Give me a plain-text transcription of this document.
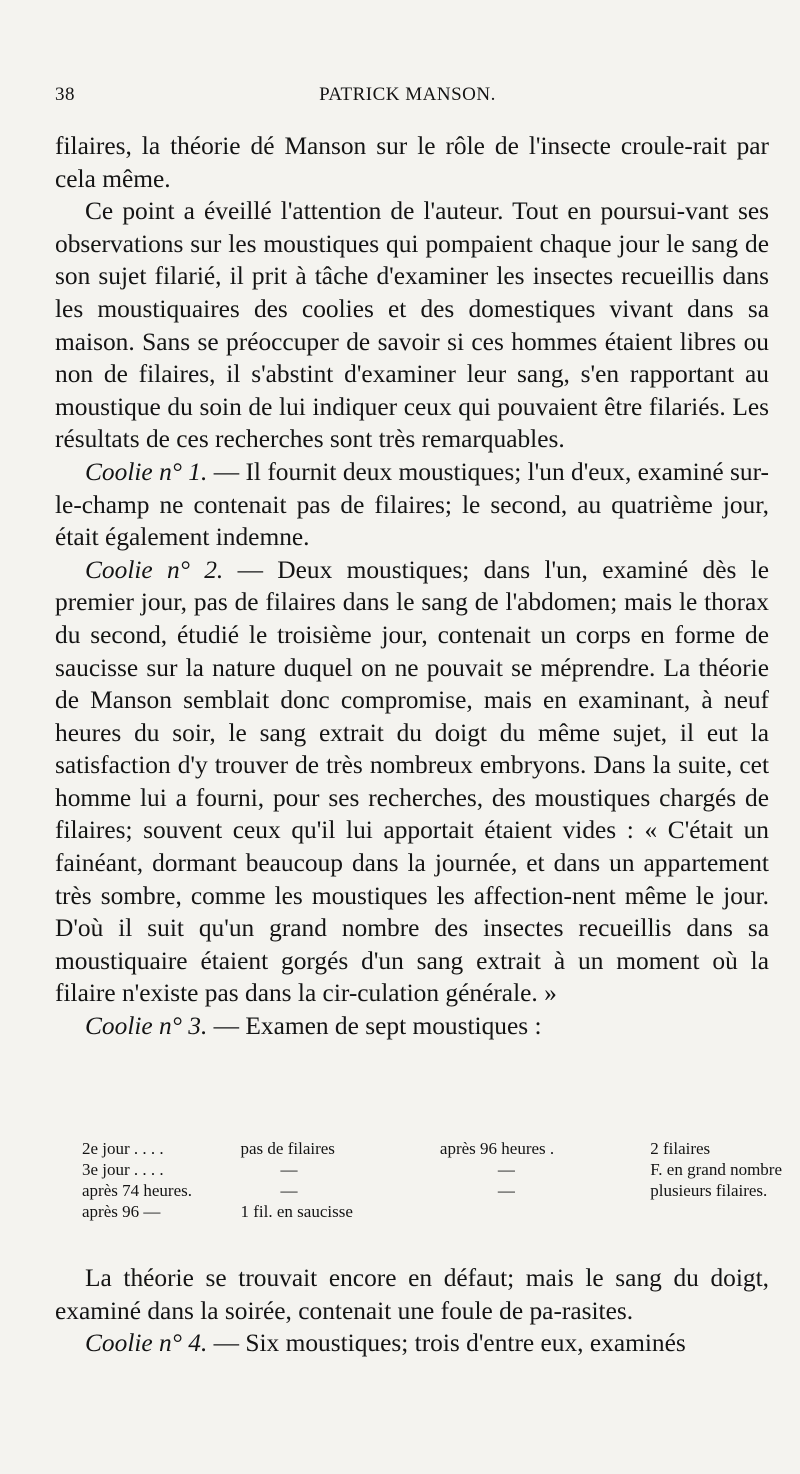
38	PATRICK MANSON.

filaires, la théorie dé Manson sur le rôle de l'insecte croule-rait par cela même.

Ce point a éveillé l'attention de l'auteur. Tout en poursui-vant ses observations sur les moustiques qui pompaient chaque jour le sang de son sujet filarié, il prit à tâche d'examiner les insectes recueillis dans les moustiquaires des coolies et des domestiques vivant dans sa maison. Sans se préoccuper de savoir si ces hommes étaient libres ou non de filaires, il s'abstint d'examiner leur sang, s'en rapportant au moustique du soin de lui indiquer ceux qui pouvaient être filariés. Les résultats de ces recherches sont très remarquables.

Coolie n° 1. — Il fournit deux moustiques; l'un d'eux, examiné sur-le-champ ne contenait pas de filaires; le second, au quatrième jour, était également indemne.

Coolie n° 2. — Deux moustiques; dans l'un, examiné dès le premier jour, pas de filaires dans le sang de l'abdomen; mais le thorax du second, étudié le troisième jour, contenait un corps en forme de saucisse sur la nature duquel on ne pouvait se méprendre. La théorie de Manson semblait donc compromise, mais en examinant, à neuf heures du soir, le sang extrait du doigt du même sujet, il eut la satisfaction d'y trouver de très nombreux embryons. Dans la suite, cet homme lui a fourni, pour ses recherches, des moustiques chargés de filaires; souvent ceux qu'il lui apportait étaient vides : « C'était un fainéant, dormant beaucoup dans la journée, et dans un appartement très sombre, comme les moustiques les affection-nent même le jour. D'où il suit qu'un grand nombre des insectes recueillis dans sa moustiquaire étaient gorgés d'un sang extrait à un moment où la filaire n'existe pas dans la cir-culation générale. »

Coolie n° 3. — Examen de sept moustiques :

2e jour . . . .	pas de filaires	après 96 heures .	2 filaires
3e jour . . . .	—	—	F. en grand nombre
après 74 heures.	—	—	plusieurs filaires.
après 96 —	1 fil. en saucisse		

La théorie se trouvait encore en défaut; mais le sang du doigt, examiné dans la soirée, contenait une foule de pa-rasites.

Coolie n° 4. — Six moustiques; trois d'entre eux, examinés
